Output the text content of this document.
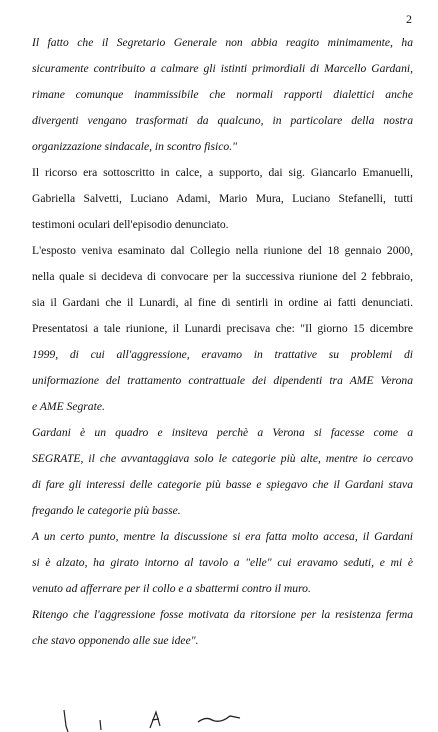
2
Il fatto che il Segretario Generale non abbia reagito minimamente, ha
sicuramente contribuito a calmare gli istinti primordiali di Marcello Gardani,
rimane comunque inammissibile che normali rapporti dialettici anche
divergenti vengano trasformati da qualcuno, in particolare della nostra
organizzazione sindacale, in scontro fisico."
Il ricorso era sottoscritto in calce, a supporto, dai sig. Giancarlo Emanuelli,
Gabriella Salvetti, Luciano Adami, Mario Mura, Luciano Stefanelli, tutti
testimoni oculari dell'episodio denunciato.
L'esposto veniva esaminato dal Collegio nella riunione del 18 gennaio 2000,
nella quale si decideva di convocare per la successiva riunione del 2 febbraio,
sia il Gardani che il Lunardi, al fine di sentirli in ordine ai fatti denunciati.
Presentatosi a tale riunione, il Lunardi precisava che: "Il giorno 15 dicembre
1999, di cui all'aggressione, eravamo in trattative su problemi di
uniformazione del trattamento contrattuale dei dipendenti tra AME Verona
e AME Segrate.
Gardani è un quadro e insiteva perchè a Verona si facesse come a
SEGRATE, il che avvantaggiava solo le categorie più alte, mentre io cercavo
di fare gli interessi delle categorie più basse e spiegavo che il Gardani stava
fregando le categorie più basse.
A un certo punto, mentre la discussione si era fatta molto accesa, il Gardani
si è alzato, ha girato intorno al tavolo a "elle" cui eravamo seduti, e mi è
venuto ad afferrare per il collo e a sbattermi contro il muro.
Ritengo che l'aggressione fosse motivata da ritorsione per la resistenza ferma
che stavo opponendo alle sue idee".
